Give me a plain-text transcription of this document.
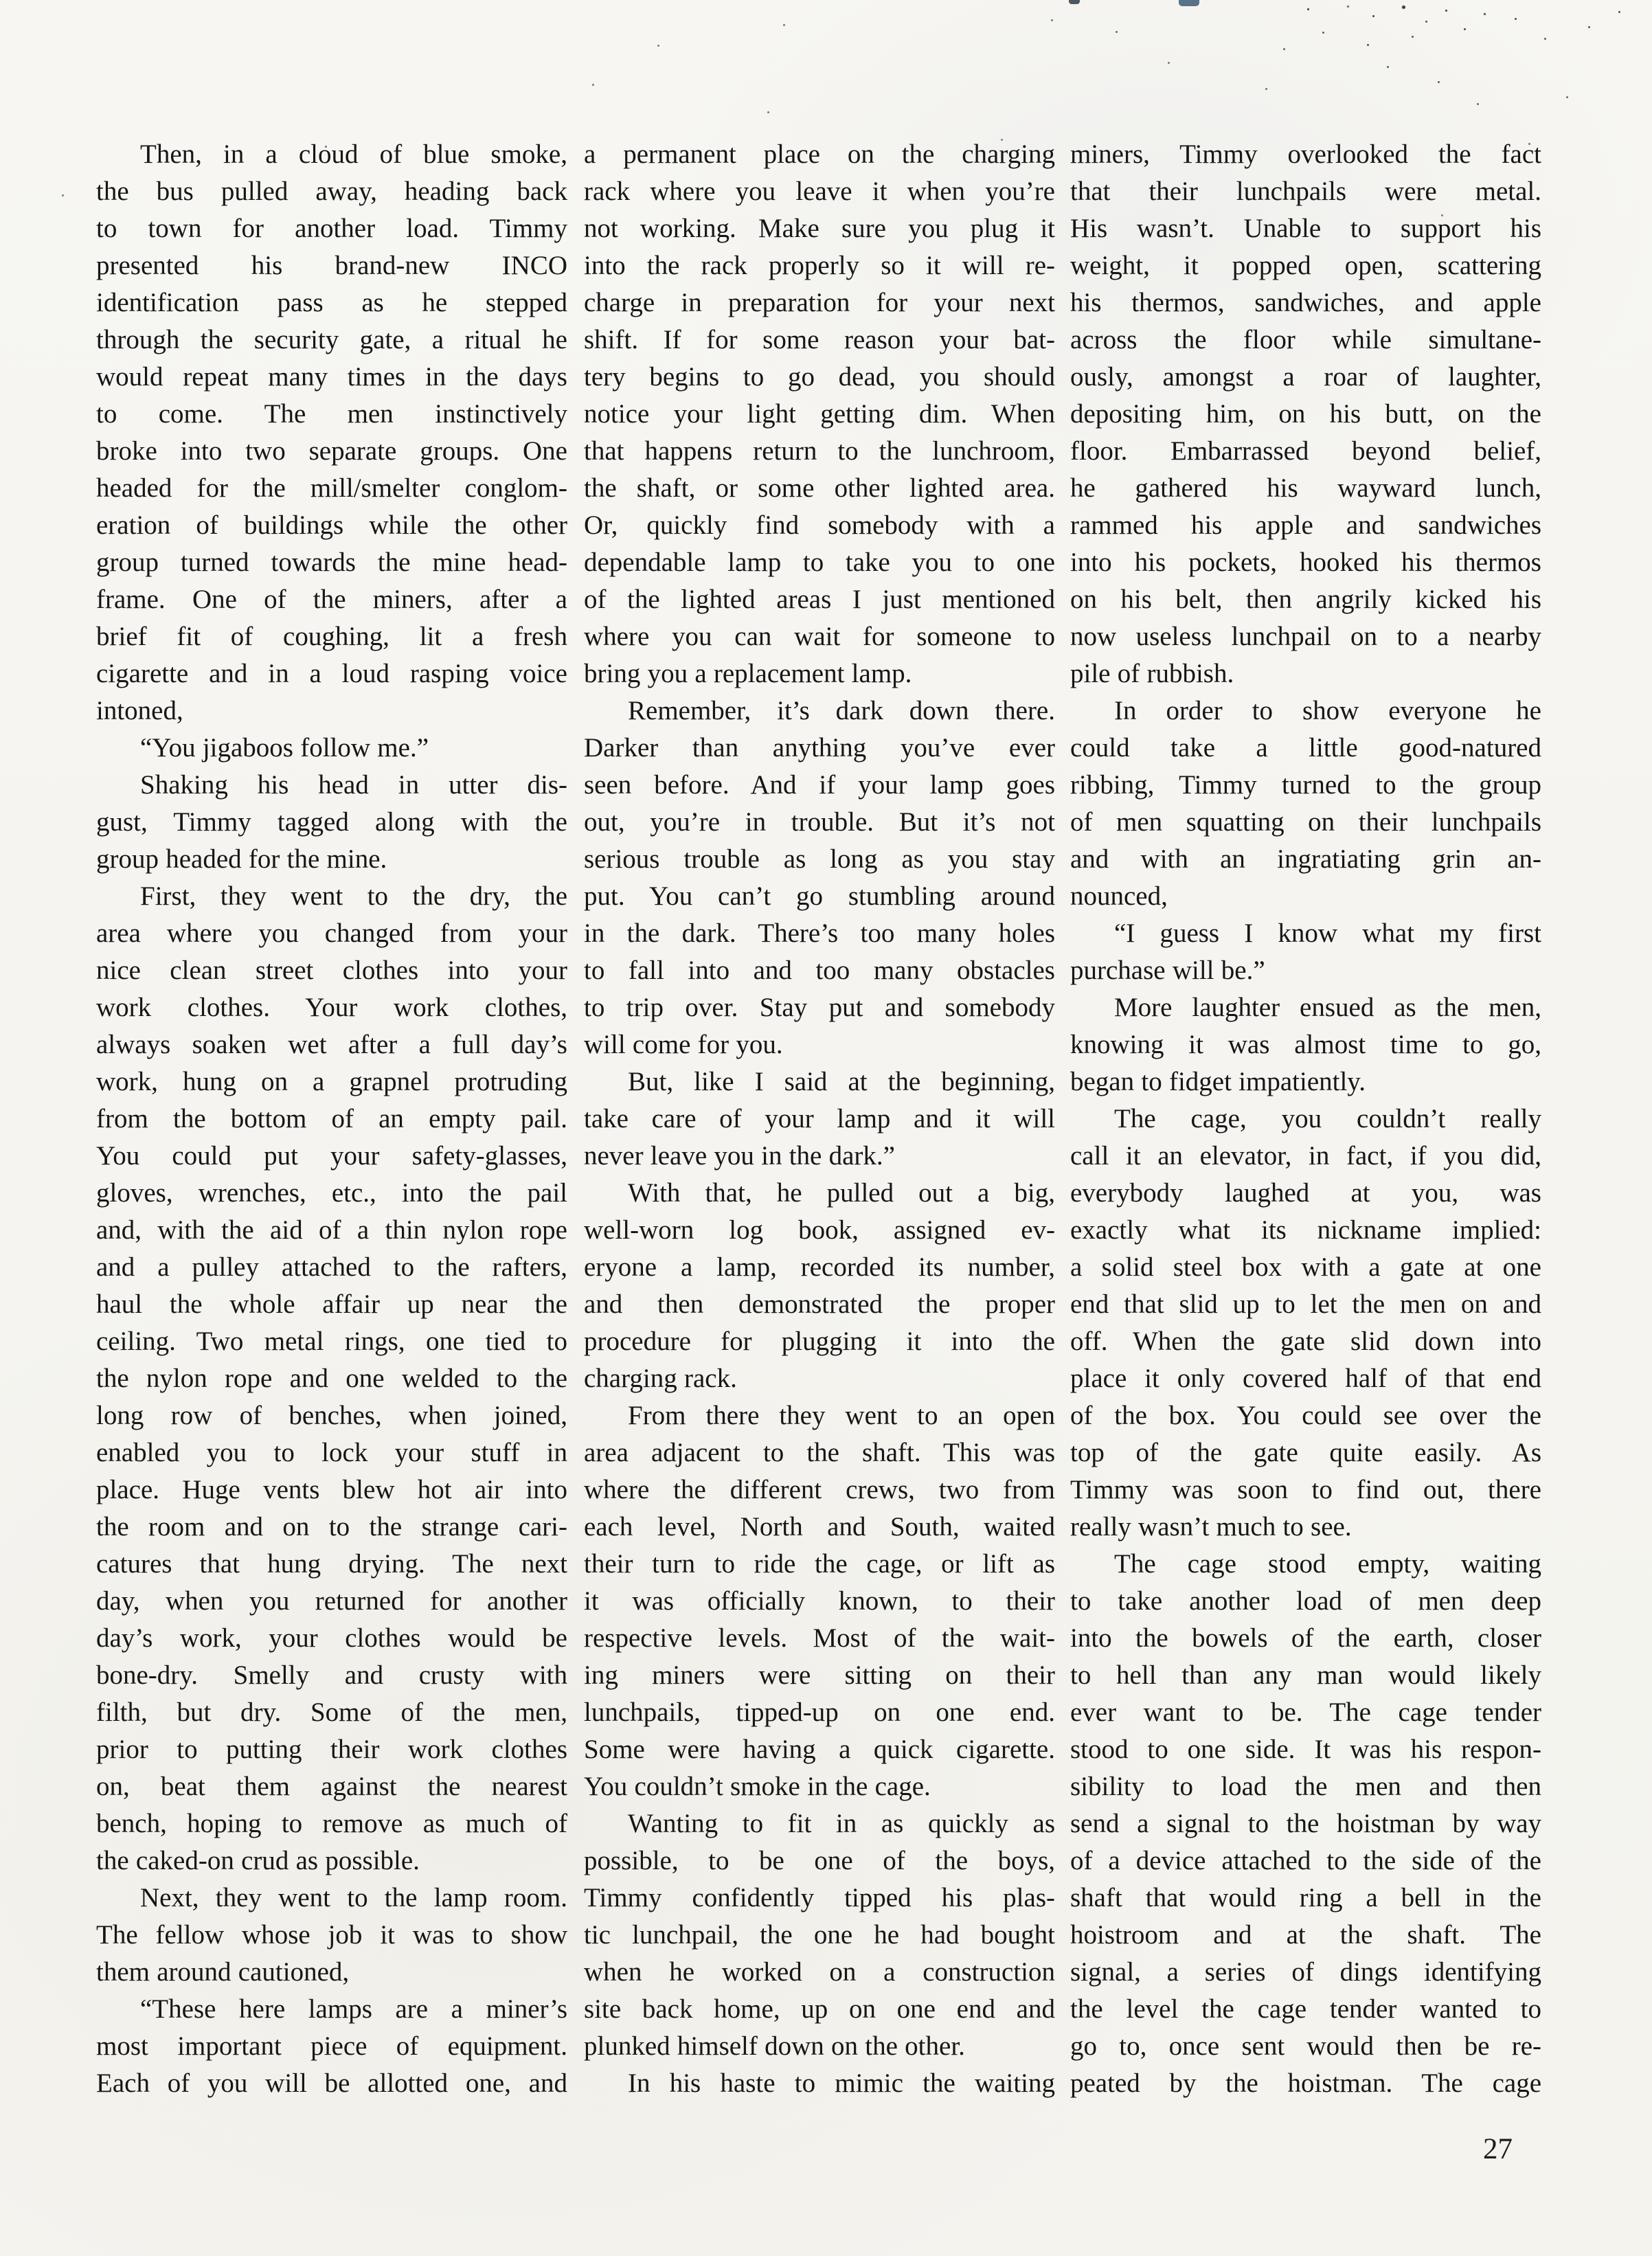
Then, in a cloud of blue smoke,
the bus pulled away, heading back
to town for another load. Timmy
presented his brand-new INCO
identification pass as he stepped
through the security gate, a ritual he
would repeat many times in the days
to come. The men instinctively
broke into two separate groups. One
headed for the mill/smelter conglom-
eration of buildings while the other
group turned towards the mine head-
frame. One of the miners, after a
brief fit of coughing, lit a fresh
cigarette and in a loud rasping voice
intoned,
“You jigaboos follow me.”
Shaking his head in utter dis-
gust, Timmy tagged along with the
group headed for the mine.
First, they went to the dry, the
area where you changed from your
nice clean street clothes into your
work clothes. Your work clothes,
always soaken wet after a full day’s
work, hung on a grapnel protruding
from the bottom of an empty pail.
You could put your safety-glasses,
gloves, wrenches, etc., into the pail
and, with the aid of a thin nylon rope
and a pulley attached to the rafters,
haul the whole affair up near the
ceiling. Two metal rings, one tied to
the nylon rope and one welded to the
long row of benches, when joined,
enabled you to lock your stuff in
place. Huge vents blew hot air into
the room and on to the strange cari-
catures that hung drying. The next
day, when you returned for another
day’s work, your clothes would be
bone-dry. Smelly and crusty with
filth, but dry. Some of the men,
prior to putting their work clothes
on, beat them against the nearest
bench, hoping to remove as much of
the caked-on crud as possible.
Next, they went to the lamp room.
The fellow whose job it was to show
them around cautioned,
“These here lamps are a miner’s
most important piece of equipment.
Each of you will be allotted one, and
a permanent place on the charging
rack where you leave it when you’re
not working. Make sure you plug it
into the rack properly so it will re-
charge in preparation for your next
shift. If for some reason your bat-
tery begins to go dead, you should
notice your light getting dim. When
that happens return to the lunchroom,
the shaft, or some other lighted area.
Or, quickly find somebody with a
dependable lamp to take you to one
of the lighted areas I just mentioned
where you can wait for someone to
bring you a replacement lamp.
Remember, it’s dark down there.
Darker than anything you’ve ever
seen before. And if your lamp goes
out, you’re in trouble. But it’s not
serious trouble as long as you stay
put. You can’t go stumbling around
in the dark. There’s too many holes
to fall into and too many obstacles
to trip over. Stay put and somebody
will come for you.
But, like I said at the beginning,
take care of your lamp and it will
never leave you in the dark.”
With that, he pulled out a big,
well-worn log book, assigned ev-
eryone a lamp, recorded its number,
and then demonstrated the proper
procedure for plugging it into the
charging rack.
From there they went to an open
area adjacent to the shaft. This was
where the different crews, two from
each level, North and South, waited
their turn to ride the cage, or lift as
it was officially known, to their
respective levels. Most of the wait-
ing miners were sitting on their
lunchpails, tipped-up on one end.
Some were having a quick cigarette.
You couldn’t smoke in the cage.
Wanting to fit in as quickly as
possible, to be one of the boys,
Timmy confidently tipped his plas-
tic lunchpail, the one he had bought
when he worked on a construction
site back home, up on one end and
plunked himself down on the other.
In his haste to mimic the waiting
miners, Timmy overlooked the fact
that their lunchpails were metal.
His wasn’t. Unable to support his
weight, it popped open, scattering
his thermos, sandwiches, and apple
across the floor while simultane-
ously, amongst a roar of laughter,
depositing him, on his butt, on the
floor. Embarrassed beyond belief,
he gathered his wayward lunch,
rammed his apple and sandwiches
into his pockets, hooked his thermos
on his belt, then angrily kicked his
now useless lunchpail on to a nearby
pile of rubbish.
In order to show everyone he
could take a little good-natured
ribbing, Timmy turned to the group
of men squatting on their lunchpails
and with an ingratiating grin an-
nounced,
“I guess I know what my first
purchase will be.”
More laughter ensued as the men,
knowing it was almost time to go,
began to fidget impatiently.
The cage, you couldn’t really
call it an elevator, in fact, if you did,
everybody laughed at you, was
exactly what its nickname implied:
a solid steel box with a gate at one
end that slid up to let the men on and
off. When the gate slid down into
place it only covered half of that end
of the box. You could see over the
top of the gate quite easily. As
Timmy was soon to find out, there
really wasn’t much to see.
The cage stood empty, waiting
to take another load of men deep
into the bowels of the earth, closer
to hell than any man would likely
ever want to be. The cage tender
stood to one side. It was his respon-
sibility to load the men and then
send a signal to the hoistman by way
of a device attached to the side of the
shaft that would ring a bell in the
hoistroom and at the shaft. The
signal, a series of dings identifying
the level the cage tender wanted to
go to, once sent would then be re-
peated by the hoistman. The cage
27
